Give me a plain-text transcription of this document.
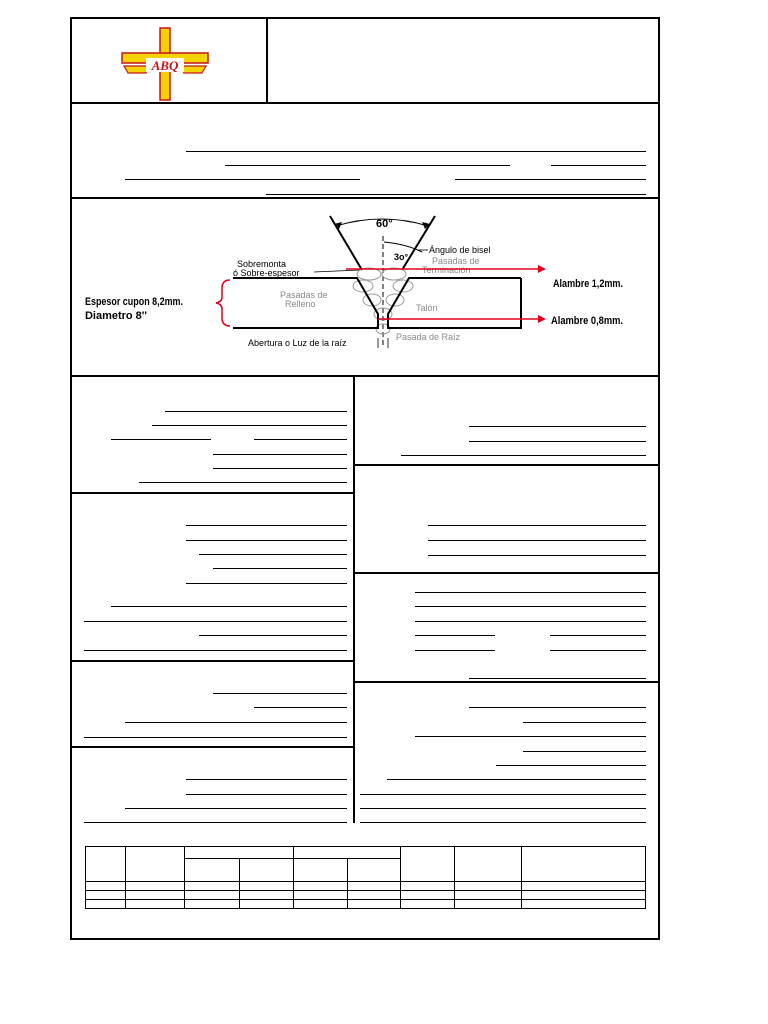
ABQ
60°
3o°
Ángulo de bisel
Sobremonta
ó Sobre-espesor
Pasadas de
Terminación
Pasadas de
Relleno	Talón
Abertura o Luz de la raíz
Pasada de Raíz
Espesor cupon 8,2mm.
Diametro 8''
Alambre 1,2mm.
Alambre 0,8mm.
